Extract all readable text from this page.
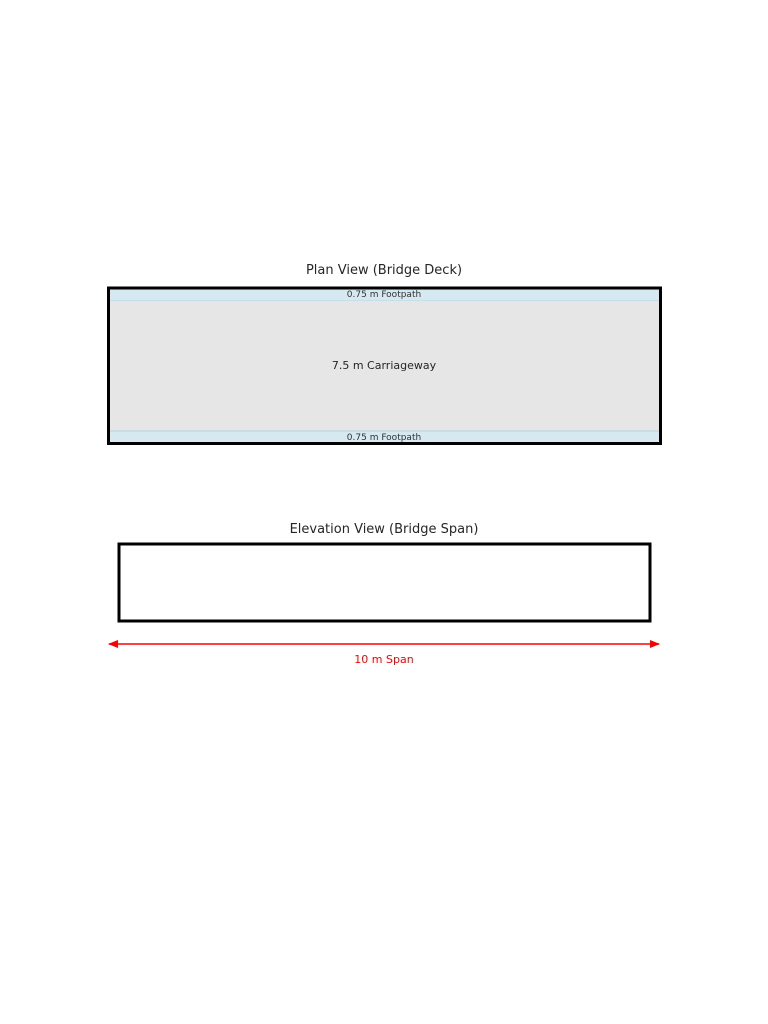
Plan View (Bridge Deck)
0.75 m Footpath
7.5 m Carriageway
0.75 m Footpath
Elevation View (Bridge Span)
10 m Span
